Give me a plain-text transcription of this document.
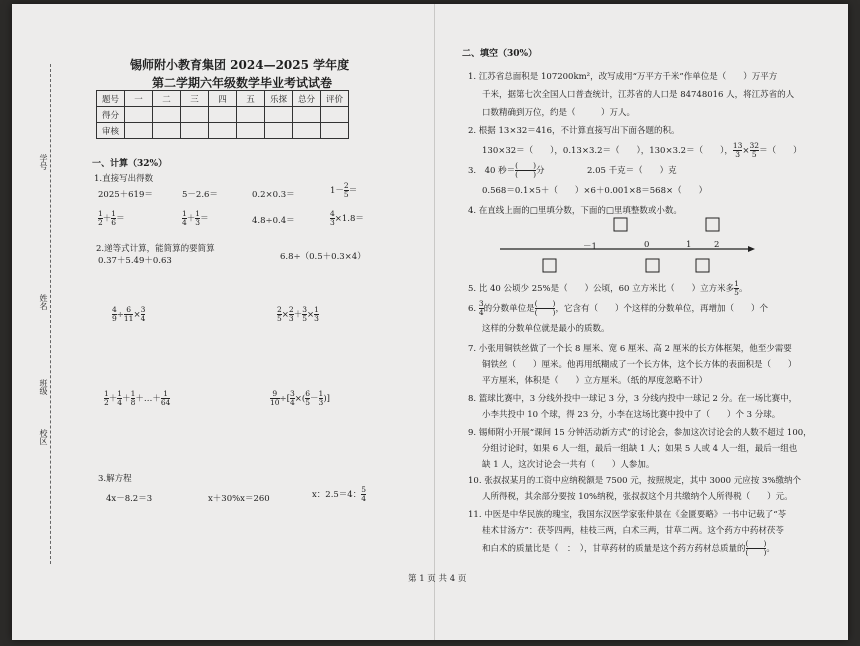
学号
姓名
班级
校区
锡师附小教育集团 2024—2025 学年度
第二学期六年级数学毕业考试试卷
题号	一	二	三	四	五	乐探	总分	评价
得分								
审核								
一、计算（32%）
1.直接写出得数
2025＋619＝	5－2.6＝	0.2×0.3＝	$1- \frac{2}{5}$ ＝
$\frac{1}{2} + \frac{1}{6}$ ＝	$\frac{1}{4} + \frac{1}{3}$ ＝	4.8÷0.4＝	$\frac{4}{3} \times 1.8=$
2.递等式计算，能简算的要简算
0.37＋5.49＋0.63	6.8÷（0.5＋0.3×4）
$\frac{4}{9} \div \frac{6}{11} \times \frac{3}{4}$	$\frac{2}{5} \times \frac{2}{3} + \frac{3}{5} \times \frac{1}{3}$
$\frac{1}{2} + \frac{1}{4} + \frac{1}{8}$ ＋…＋ $\frac{1}{64}$	$\frac{9}{10}$ ÷[ $\frac{3}{4}$ ×( $\frac{6}{5} - \frac{1}{3}$ )]
3.解方程
4x－8.2＝3	x＋30%x＝260	x：2.5＝4： $\frac{5}{4}$
二、填空（30%）
1. 江苏省总面积是 107200km²，改写成用“万平方千米”作单位是（　　）万平方
千米，据第七次全国人口普查统计，江苏省的人口是 84748016 人，将江苏省的人
口数精确到万位，约是（　　　）万人。
2. 根据 13×32＝416，不计算直接写出下面各题的积。
130×32＝（　　），0.13×3.2＝（　　），130×3.2＝（　　）， $\frac{13}{3} \times \frac{32}{5}$ ＝（　　）
3.　40 秒＝ $\frac{( )}{( )}$ 分　　　　　2.05 千克＝（　　）克
0.568＝0.1×5＋（　　）×6＋0.001×8＝568×（　　）
4. 在直线上面的□里填分数，下面的□里填整数或小数。
－1	0	1	2
5. 比 40 公顷少 25%是（　　）公顷，60 立方米比（　　）立方米多 $\frac{1}{5}$ 。
6. $\frac{3}{4}$ 的分数单位是 $\frac{( )}{( )}$ ，它含有（　　）个这样的分数单位，再增加（　　）个
这样的分数单位就是最小的质数。
7. 小张用铜铁丝做了一个长 8 厘米、宽 6 厘米、高 2 厘米的长方体框架，他至少需要
铜铁丝（　　）厘米。他再用纸糊成了一个长方体，这个长方体的表面积是（　　）
平方厘米，体积是（　　）立方厘米。（纸的厚度忽略不计）
8. 篮球比赛中，3 分线外投中一球记 3 分，3 分线内投中一球记 2 分。在一场比赛中，
小李共投中 10 个球，得 23 分，小李在这场比赛中投中了（　　）个 3 分球。
9. 锡师附小开展“课间 15 分钟活动新方式”的讨论会，参加这次讨论会的人数不超过 100，
分组讨论时，如果 6 人一组，最后一组缺 1 人；如果 5 人或 4 人一组，最后一组也
缺 1 人，这次讨论会一共有（　　）人参加。
10. 张叔叔某月的工资中应纳税额是 7500 元，按照规定，其中 3000 元应按 3%缴纳个
人所得税，其余部分要按 10%纳税，张叔叔这个月共缴纳个人所得税（　　）元。
11. 中医是中华民族的瑰宝，我国东汉医学家张仲景在《金匮要略》一书中记载了“苓
桂术甘汤方”：茯苓四两，桂枝三两，白术三两，甘草二两。这个药方中药材茯苓
和白术的质量比是（　：　），甘草药材的质量是这个药方药材总质量的 $\frac{( )}{( )}$ 。
第 1 页 共 4 页
